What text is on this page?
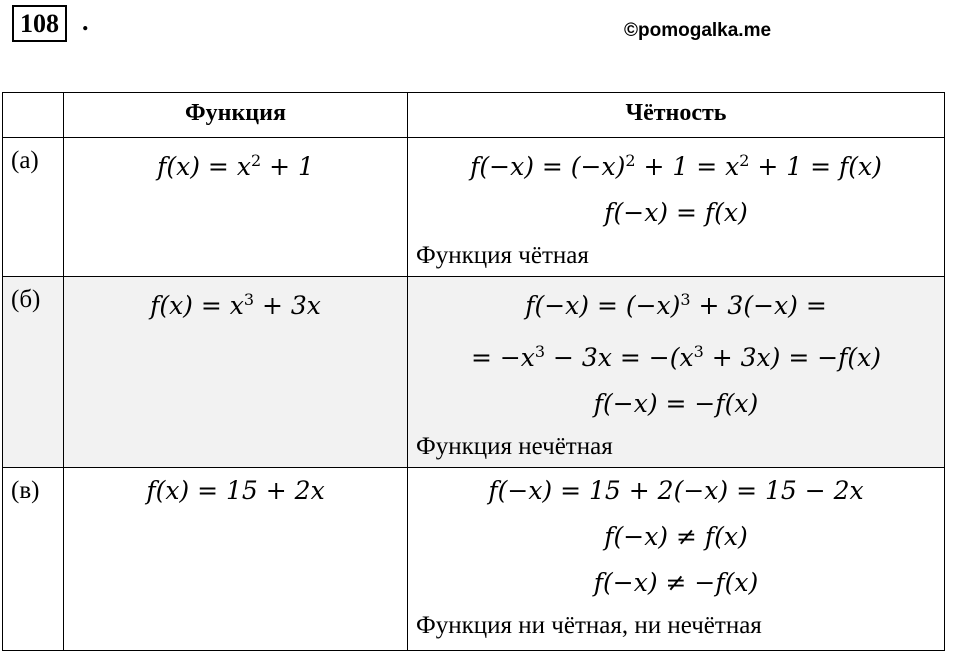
108 .	©pomogalka.me
	Функция	Чётность

(а)	$f(x) = x^2 + 1$	$f(-x) = (-x)^2 + 1 = x^2 + 1 = f(x)$
f(−x) = f(x)
Функция чётная

(б)	$f(x) = x^3 + 3x$	$f(-x) = (-x)^3 + 3(-x)$ =
= $-x^3 - 3x = -(x^3 + 3x) = -f(x)$
f(−x) = −f(x)
Функция нечётная

(в)	f(x) = 15 + 2x	f(−x) = 15 + 2(−x) = 15 − 2x
f(−x) ≠ f(x)
f(−x) ≠ −f(x)
Функция ни чётная, ни нечётная
